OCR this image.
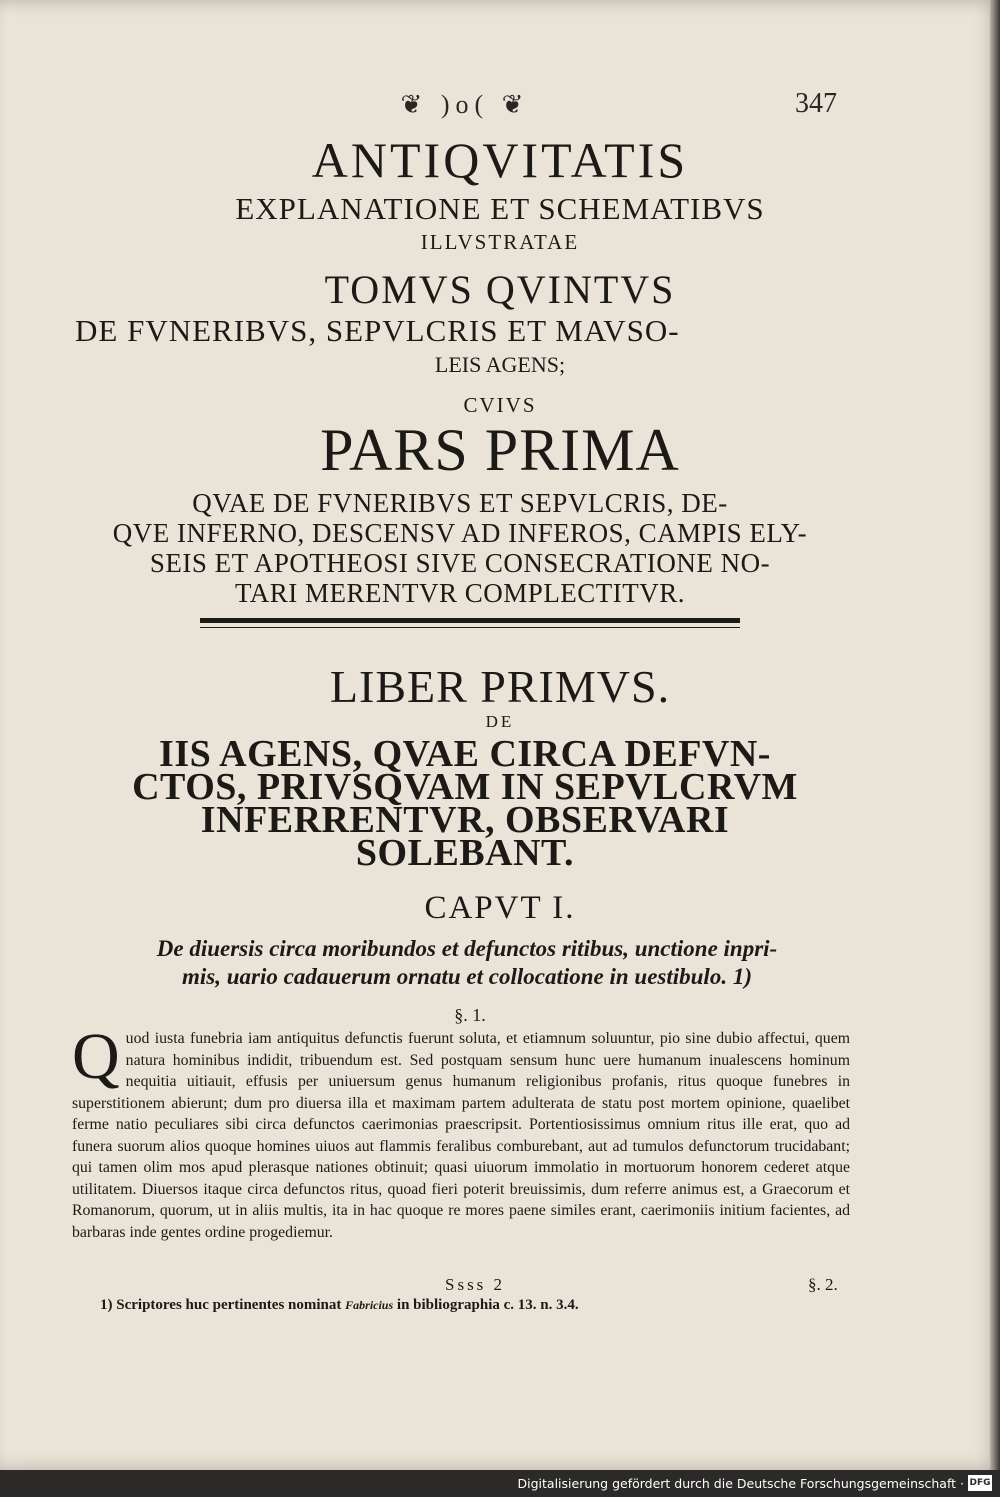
❦ )o( ❦	347
ANTIQVITATIS
EXPLANATIONE ET SCHEMATIBVS
ILLVSTRATAE
TOMVS QVINTVS
DE FVNERIBVS, SEPVLCRIS ET MAVSO-
LEIS AGENS;
CVIVS
PARS PRIMA
QVAE DE FVNERIBVS ET SEPVLCRIS, DE-
QVE INFERNO, DESCENSV AD INFEROS, CAMPIS ELY-
SEIS ET APOTHEOSI SIVE CONSECRATIONE NO-
TARI MERENTVR COMPLECTITVR.
LIBER PRIMVS.
DE
IIS AGENS, QVAE CIRCA DEFVN-
CTOS, PRIVSQVAM IN SEPVLCRVM
INFERRENTVR, OBSERVARI
SOLEBANT.
CAPVT I.
De diuersis circa moribundos et defunctos ritibus, unctione inpri-
mis, uario cadauerum ornatu et collocatione in uestibulo. 1)
§. 1.
Q uod iusta funebria iam antiquitus defunctis fuerunt soluta, et etiamnum soluuntur, pio sine dubio affectui, quem natura hominibus indidit, tribuendum est. Sed postquam sensum hunc uere humanum inualescens hominum nequitia uitiauit, effusis per uniuersum genus humanum religionibus profanis, ritus quoque funebres in superstitionem abierunt; dum pro diuersa illa et maximam partem adulterata de statu post mortem opinione, quaelibet ferme natio peculiares sibi circa defunctos caerimonias praescripsit. Portentiosissimus omnium ritus ille erat, quo ad funera suorum alios quoque homines uiuos aut flammis feralibus comburebant, aut ad tumulos defunctorum trucidabant; qui tamen olim mos apud plerasque nationes obtinuit; quasi uiuorum immolatio in mortuorum honorem cederet atque utilitatem. Diuersos itaque circa defunctos ritus, quoad fieri poterit breuissimis, dum referre animus est, a Graecorum et Romanorum, quorum, ut in aliis multis, ita in hac quoque re mores paene similes erant, caerimoniis initium facientes, ad barbaras inde gentes ordine progediemur.
Ssss 2	§. 2.
1) Scriptores huc pertinentes nominat Fabricius in bibliographia c. 13. n. 3.4.
Digitalisierung gefördert durch die Deutsche Forschungsgemeinschaft · DFG
